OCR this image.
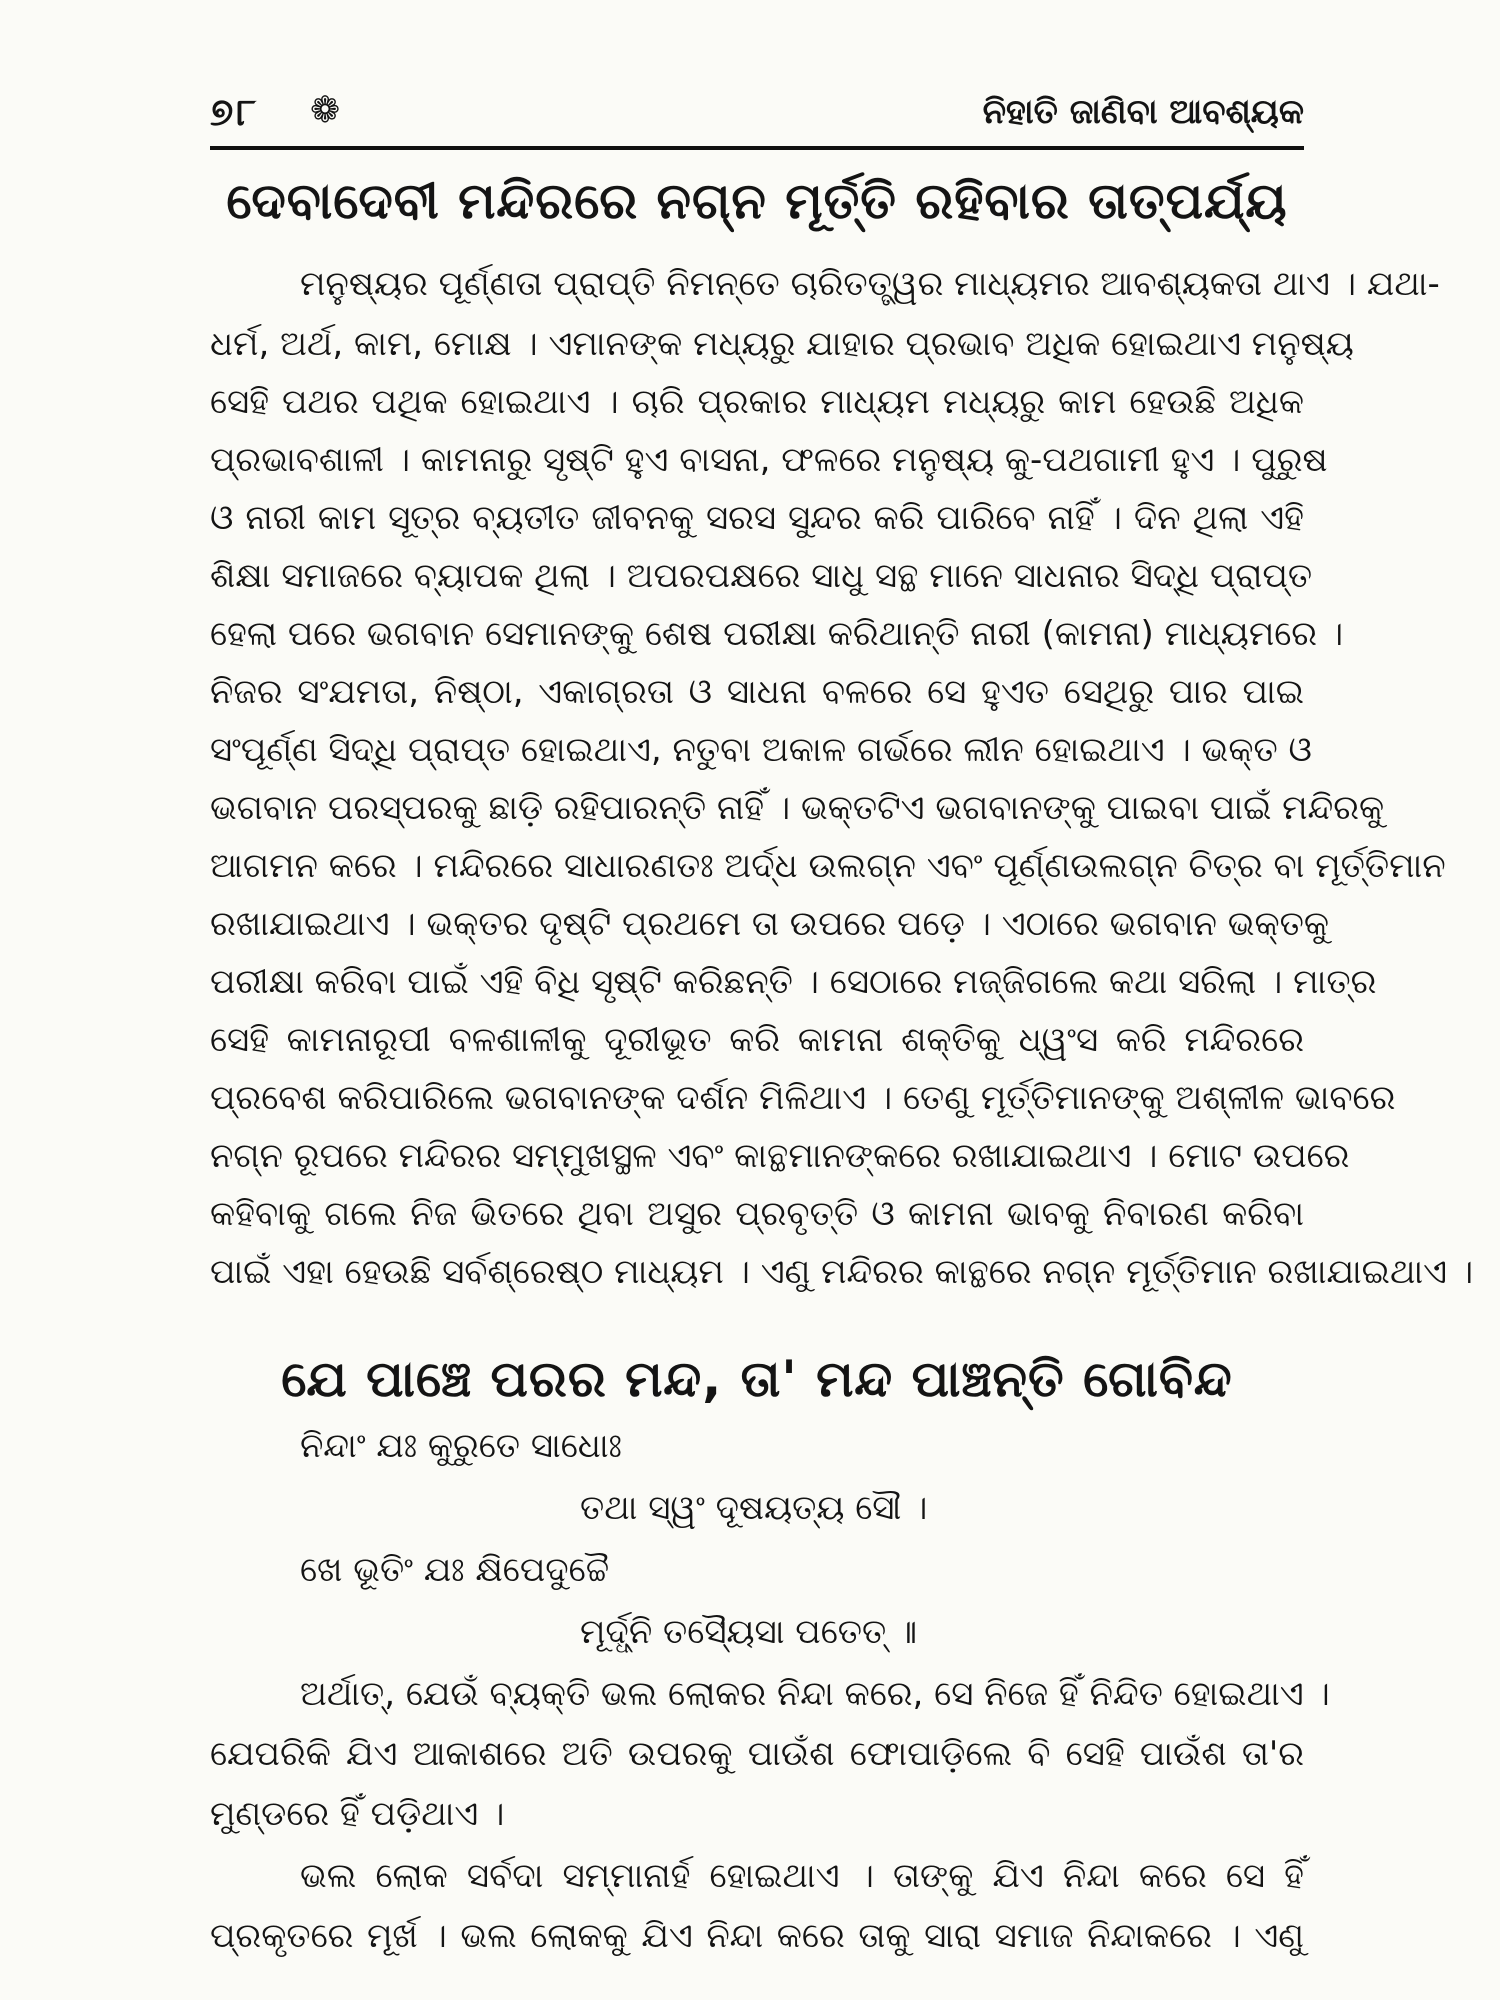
୭୮ ❁	ନିହାତି ଜାଣିବା ଆବଶ୍ୟକ
ଦେବାଦେବୀ ମନ୍ଦିରରେ ନଗ୍ନ ମୂର୍ତ୍ତି ରହିବାର ତାତ୍ପର୍ଯ୍ୟ
ମନୁଷ୍ୟର ପୂର୍ଣ୍ଣତା ପ୍ରାପ୍ତି ନିମନ୍ତେ ଚାରିତତ୍ତ୍ୱର ମାଧ୍ୟମର ଆବଶ୍ୟକତା ଥାଏ । ଯଥା-
ଧର୍ମ, ଅର୍ଥ, କାମ, ମୋକ୍ଷ । ଏମାନଙ୍କ ମଧ୍ୟରୁ ଯାହାର ପ୍ରଭାବ ଅଧିକ ହୋଇଥାଏ ମନୁଷ୍ୟ
ସେହି ପଥର ପଥିକ ହୋଇଥାଏ । ଚାରି ପ୍ରକାର ମାଧ୍ୟମ ମଧ୍ୟରୁ କାମ ହେଉଛି ଅଧିକ
ପ୍ରଭାବଶାଳୀ । କାମନାରୁ ସୃଷ୍ଟି ହୁଏ ବାସନା, ଫଳରେ ମନୁଷ୍ୟ କୁ-ପଥଗାମୀ ହୁଏ । ପୁରୁଷ
ଓ ନାରୀ କାମ ସୂତ୍ର ବ୍ୟତୀତ ଜୀବନକୁ ସରସ ସୁନ୍ଦର କରି ପାରିବେ ନାହିଁ । ଦିନ ଥିଲା ଏହି
ଶିକ୍ଷା ସମାଜରେ ବ୍ୟାପକ ଥିଲା । ଅପରପକ୍ଷରେ ସାଧୁ ସନ୍ଥ ମାନେ ସାଧନାର ସିଦ୍ଧି ପ୍ରାପ୍ତ
ହେଲା ପରେ ଭଗବାନ ସେମାନଙ୍କୁ ଶେଷ ପରୀକ୍ଷା କରିଥାନ୍ତି ନାରୀ (କାମନା) ମାଧ୍ୟମରେ ।
ନିଜର ସଂଯମତା, ନିଷ୍ଠା, ଏକାଗ୍ରତା ଓ ସାଧନା ବଳରେ ସେ ହୁଏତ ସେଥିରୁ ପାର ପାଇ
ସଂପୂର୍ଣ୍ଣ ସିଦ୍ଧି ପ୍ରାପ୍ତ ହୋଇଥାଏ, ନତୁବା ଅକାଳ ଗର୍ଭରେ ଲୀନ ହୋଇଥାଏ । ଭକ୍ତ ଓ
ଭଗବାନ ପରସ୍ପରକୁ ଛାଡ଼ି ରହିପାରନ୍ତି ନାହିଁ । ଭକ୍ତଟିଏ ଭଗବାନଙ୍କୁ ପାଇବା ପାଇଁ ମନ୍ଦିରକୁ
ଆଗମନ କରେ । ମନ୍ଦିରରେ ସାଧାରଣତଃ ଅର୍ଦ୍ଧ ଉଲଗ୍ନ ଏବଂ ପୂର୍ଣ୍ଣଉଲଗ୍ନ ଚିତ୍ର ବା ମୂର୍ତ୍ତିମାନ
ରଖାଯାଇଥାଏ । ଭକ୍ତର ଦୃଷ୍ଟି ପ୍ରଥମେ ତା ଉପରେ ପଡ଼େ । ଏଠାରେ ଭଗବାନ ଭକ୍ତକୁ
ପରୀକ୍ଷା କରିବା ପାଇଁ ଏହି ବିଧି ସୃଷ୍ଟି କରିଛନ୍ତି । ସେଠାରେ ମଜ୍ଜିଗଲେ କଥା ସରିଲା । ମାତ୍ର
ସେହି କାମନାରୂପୀ ବଳଶାଳୀକୁ ଦୂରୀଭୂତ କରି କାମନା ଶକ୍ତିକୁ ଧ୍ୱଂସ କରି ମନ୍ଦିରରେ
ପ୍ରବେଶ କରିପାରିଲେ ଭଗବାନଙ୍କ ଦର୍ଶନ ମିଳିଥାଏ । ତେଣୁ ମୂର୍ତ୍ତିମାନଙ୍କୁ ଅଶ୍ଳୀଳ ଭାବରେ
ନଗ୍ନ ରୂପରେ ମନ୍ଦିରର ସମ୍ମୁଖସ୍ଥଳ ଏବଂ କାନ୍ଥମାନଙ୍କରେ ରଖାଯାଇଥାଏ । ମୋଟ ଉପରେ
କହିବାକୁ ଗଲେ ନିଜ ଭିତରେ ଥିବା ଅସୁର ପ୍ରବୃତ୍ତି ଓ କାମନା ଭାବକୁ ନିବାରଣ କରିବା
ପାଇଁ ଏହା ହେଉଛି ସର୍ବଶ୍ରେଷ୍ଠ ମାଧ୍ୟମ । ଏଣୁ ମନ୍ଦିରର କାନ୍ଥରେ ନଗ୍ନ ମୂର୍ତ୍ତିମାନ ରଖାଯାଇଥାଏ ।
ଯେ ପାଞ୍ଚେ ପରର ମନ୍ଦ, ତା' ମନ୍ଦ ପାଞ୍ଚନ୍ତି ଗୋବିନ୍ଦ
ନିନ୍ଦାଂ ଯଃ କୁରୁତେ ସାଧୋଃ
ତଥା ସ୍ୱଂ ଦୂଷୟତ୍ୟ ସୌ ।
ଖେ ଭୂତିଂ ଯଃ କ୍ଷିପେଦୁଚ୍ଚୈ
ମୂର୍ଦ୍ଧ୍ନି ତସ୍ୟୈସା ପତେତ୍ ॥
ଅର୍ଥାତ୍, ଯେଉଁ ବ୍ୟକ୍ତି ଭଲ ଲୋକର ନିନ୍ଦା କରେ, ସେ ନିଜେ ହିଁ ନିନ୍ଦିତ ହୋଇଥାଏ ।
ଯେପରିକି ଯିଏ ଆକାଶରେ ଅତି ଉପରକୁ ପାଉଁଶ ଫୋପାଡ଼ିଲେ ବି ସେହି ପାଉଁଶ ତା'ର
ମୁଣ୍ଡରେ ହିଁ ପଡ଼ିଥାଏ ।
ଭଲ ଲୋକ ସର୍ବଦା ସମ୍ମାନାର୍ହ ହୋଇଥାଏ । ତାଙ୍କୁ ଯିଏ ନିନ୍ଦା କରେ ସେ ହିଁ
ପ୍ରକୃତରେ ମୂର୍ଖ । ଭଲ ଲୋକକୁ ଯିଏ ନିନ୍ଦା କରେ ତାକୁ ସାରା ସମାଜ ନିନ୍ଦାକରେ । ଏଣୁ
